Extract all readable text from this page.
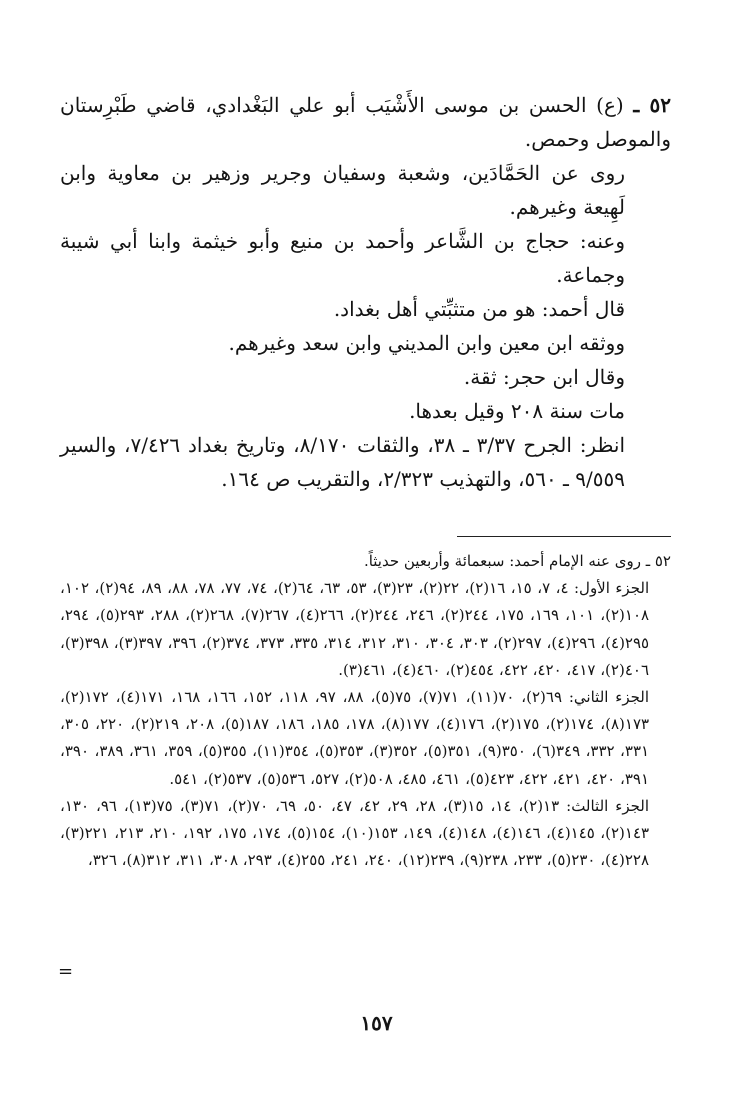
٥٢ ـ (ع) الحسن بن موسى الأَشْيَب أبو علي البَغْدادي، قاضي طَبْرِستان والموصل وحمص.

روى عن الحَمَّادَين، وشعبة وسفيان وجرير وزهير بن معاوية وابن لَهِيعة وغيرهم.

وعنه: حجاج بن الشَّاعر وأحمد بن منيع وأبو خيثمة وابنا أبي شيبة وجماعة.

قال أحمد: هو من متثبِّتي أهل بغداد.

ووثقه ابن معين وابن المديني وابن سعد وغيرهم.

وقال ابن حجر: ثقة.

مات سنة ٢٠٨ وقيل بعدها.

انظر: الجرح ٣/٣٧ ـ ٣٨، والثقات ٨/١٧٠، وتاريخ بغداد ٧/٤٢٦، والسير ٩/٥٥٩ ـ ٥٦٠، والتهذيب ٢/٣٢٣، والتقريب ص ١٦٤.

٥٢ ـ روى عنه الإمام أحمد: سبعمائة وأربعين حديثاً.

الجزء الأول: ٤، ٧، ١٥، ١٦(٢)، ٢٢(٢)، ٢٣(٣)، ٥٣، ٦٣، ٦٤(٢)، ٧٤، ٧٧، ٧٨، ٨٨، ٨٩، ٩٤(٢)، ١٠٢، ١٠٨(٢)، ١٠١، ١٦٩، ١٧٥، ٢٤٤(٢)، ٢٤٦، ٢٤٤(٢)، ٢٦٦(٤)، ٢٦٧(٧)، ٢٦٨(٢)، ٢٨٨، ٢٩٣(٥)، ٢٩٤، ٢٩٥(٤)، ٢٩٦(٤)، ٢٩٧(٢)، ٣٠٣، ٣٠٤، ٣١٠، ٣١٢، ٣١٤، ٣٣٥، ٣٧٣، ٣٧٤(٢)، ٣٩٦، ٣٩٧(٣)، ٣٩٨(٣)، ٤٠٦(٢)، ٤١٧، ٤٢٠، ٤٢٢، ٤٥٤(٢)، ٤٦٠(٤)، ٤٦١(٣).

الجزء الثاني: ٦٩(٢)، ٧٠(١١)، ٧١(٧)، ٧٥(٥)، ٨٨، ٩٧، ١١٨، ١٥٢، ١٦٦، ١٦٨، ١٧١(٤)، ١٧٢(٢)، ١٧٣(٨)، ١٧٤(٢)، ١٧٥(٢)، ١٧٦(٤)، ١٧٧(٨)، ١٧٨، ١٨٥، ١٨٦، ١٨٧(٥)، ٢٠٨، ٢١٩(٢)، ٢٢٠، ٣٠٥، ٣٣١، ٣٣٢، ٣٤٩(٦)، ٣٥٠(٩)، ٣٥١(٥)، ٣٥٢(٣)، ٣٥٣(٥)، ٣٥٤(١١)، ٣٥٥(٥)، ٣٥٩، ٣٦١، ٣٨٩، ٣٩٠، ٣٩١، ٤٢٠، ٤٢١، ٤٢٢، ٤٢٣(٥)، ٤٦١، ٤٨٥، ٥٠٨(٢)، ٥٢٧، ٥٣٦(٥)، ٥٣٧(٢)، ٥٤١.

الجزء الثالث: ١٣(٢)، ١٤، ١٥(٣)، ٢٨، ٢٩، ٤٢، ٤٧، ٥٠، ٦٩، ٧٠(٢)، ٧١(٣)، ٧٥(١٣)، ٩٦، ١٣٠، ١٤٣(٢)، ١٤٥(٤)، ١٤٦(٤)، ١٤٨(٤)، ١٤٩، ١٥٣(١٠)، ١٥٤(٥)، ١٧٤، ١٧٥، ١٩٢، ٢١٠، ٢١٣، ٢٢١(٣)، ٢٢٨(٤)، ٢٣٠(٥)، ٢٣٣، ٢٣٨(٩)، ٢٣٩(١٢)، ٢٤٠، ٢٤١، ٢٥٥(٤)، ٢٩٣، ٣٠٨، ٣١١، ٣١٢(٨)، ٣٢٦،

=
١٥٧
